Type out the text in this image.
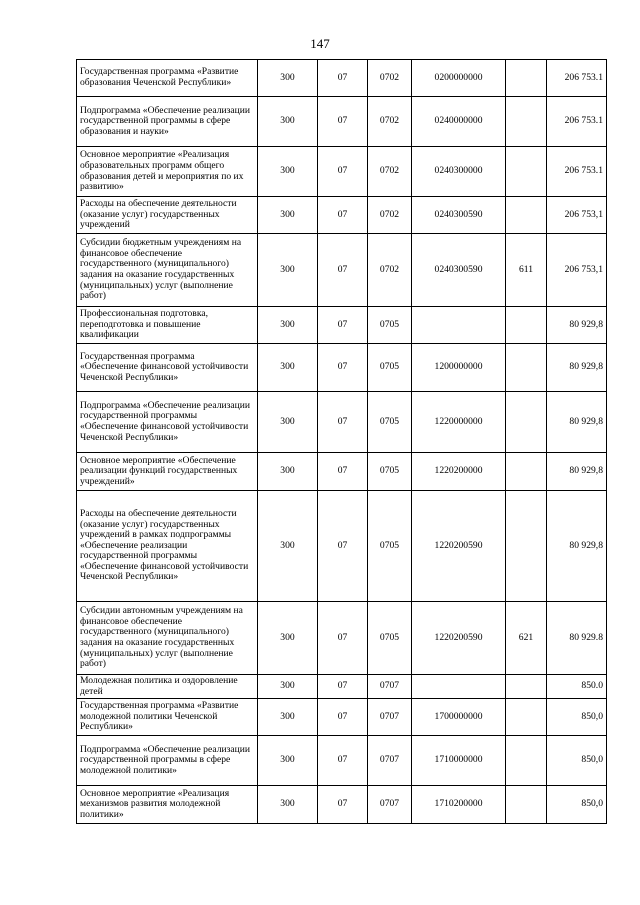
147
Государственная программа «Развитие образования Чеченской Республики»	300	07	0702	0200000000		206 753.1
Подпрограмма «Обеспечение реализации государственной программы в сфере образования и науки»	300	07	0702	0240000000		206 753.1
Основное мероприятие «Реализация образовательных программ общего образования детей и мероприятия по их развитию»	300	07	0702	0240300000		206 753.1
Расходы на обеспечение деятельности (оказание услуг) государственных учреждений	300	07	0702	0240300590		206 753,1
Субсидии бюджетным учреждениям на финансовое обеспечение государственного (муниципального) задания на оказание государственных (муниципальных) услуг (выполнение работ)	300	07	0702	0240300590	611	206 753,1
Профессиональная подготовка, переподготовка и повышение квалификации	300	07	0705			80 929,8
Государственная программа «Обеспечение финансовой устойчивости Чеченской Республики»	300	07	0705	1200000000		80 929,8
Подпрограмма «Обеспечение реализации государственной программы «Обеспечение финансовой устойчивости Чеченской Республики»	300	07	0705	1220000000		80 929,8
Основное мероприятие «Обеспечение реализации функций государственных учреждений»	300	07	0705	1220200000		80 929,8
Расходы на обеспечение деятельности (оказание услуг) государственных учреждений в рамках подпрограммы «Обеспечение реализации государственной программы «Обеспечение финансовой устойчивости Чеченской Республики»	300	07	0705	1220200590		80 929,8
Субсидии автономным учреждениям на финансовое обеспечение государственного (муниципального) задания на оказание государственных (муниципальных) услуг (выполнение работ)	300	07	0705	1220200590	621	80 929.8
Молодежная политика и оздоровление детей	300	07	0707			850.0
Государственная программа «Развитие молодежной политики Чеченской Республики»	300	07	0707	1700000000		850,0
Подпрограмма «Обеспечение реализации государственной программы в сфере молодежной политики»	300	07	0707	1710000000		850,0
Основное мероприятие «Реализация механизмов развития молодежной политики»	300	07	0707	1710200000		850,0
